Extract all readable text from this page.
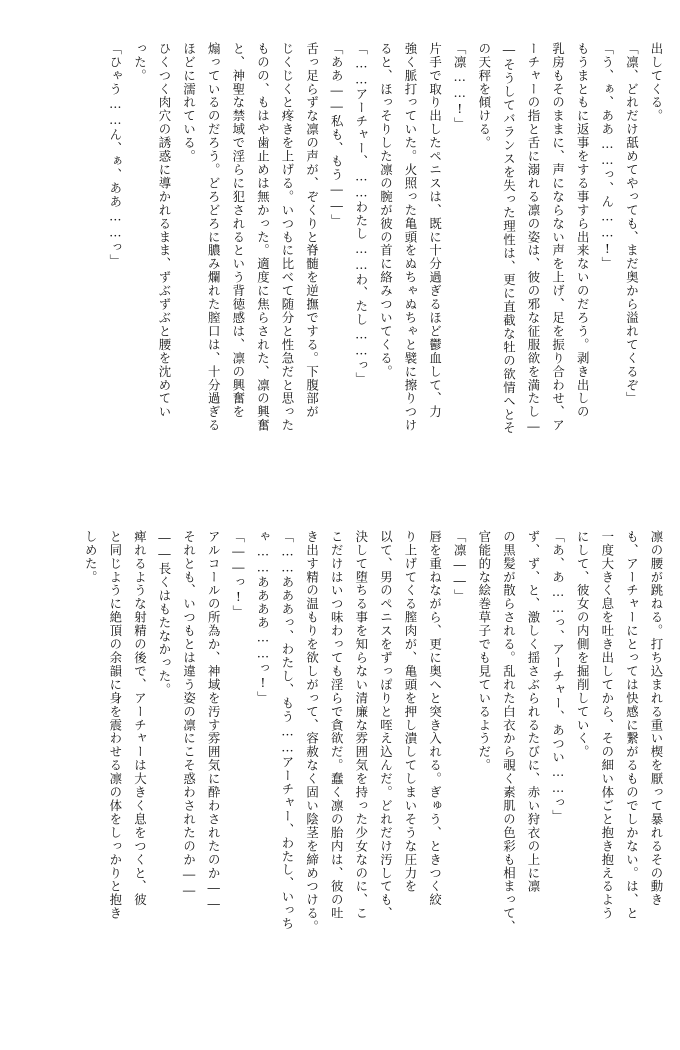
出してくる。
「凛、どれだけ舐めてやっても、まだ奥から溢れてくるぞ」
「う、ぁ、ああ……っ、ん……!」
もうまともに返事をする事すら出来ないのだろう。剥き出しの
乳房もそのままに、声にならない声を上げ、足を振り合わせ、ア
ーチャーの指と舌に溺れる凛の姿は、彼の邪な征服欲を満たし―
―そうしてバランスを失った理性は、更に直截な牡の欲情へとそ
の天秤を傾ける。
「凛……!」
片手で取り出したペニスは、既に十分過ぎるほど鬱血して、力
強く脈打っていた。火照った亀頭をぬちゃぬちゃと襞に擦りつけ
ると、ほっそりした凛の腕が彼の首に絡みついてくる。
「……アーチャー、……わたし……わ、たし……っ」
「ああ――私も、もう――」
舌っ足らずな凛の声が、ぞくりと脊髄を逆撫でする。下腹部が
じくじくと疼きを上げる。いつもに比べて随分と性急だと思った
ものの、もはや歯止めは無かった。適度に焦らされた、凛の興奮
と、神聖な禁域で淫らに犯されるという背徳感は、凛の興奮を
煽っているのだろう。どろどろに膿み爛れた膣口は、十分過ぎる
ほどに濡れている。
ひくつく肉穴の誘惑に導かれるまま、ずぶずぶと腰を沈めてい
った。
「ひゃう……ん、ぁ、ああ……っ」
凛の腰が跳ねる。打ち込まれる重い楔を厭って暴れるその動き
も、アーチャーにとっては快感に繋がるものでしかない。は、と
一度大きく息を吐き出してから、その細い体ごと抱き抱えるよう
にして、彼女の内側を掘削していく。
「あ、あ……っ、アーチャー、あつい……っ」
ず、ず、と、激しく揺さぶられるたびに、赤い狩衣の上に凛
の黒髪が散らされる。乱れた白衣から覗く素肌の色彩も相まって、
官能的な絵巻草子でも見ているようだ。
「凛――」
唇を重ねながら、更に奥へと突き入れる。ぎゅう、ときつく絞
り上げてくる膣肉が、亀頭を押し潰してしまいそうな圧力を
以て、男のペニスをずっぽりと咥え込んだ。どれだけ汚しても、
決して堕ちる事を知らない清廉な雰囲気を持った少女なのに、こ
こだけはいつ味わっても淫らで貪欲だ。蠢く凛の胎内は、彼の吐
き出す精の温もりを欲しがって、容赦なく固い陰茎を締めつける。
「……あああっ、わたし、もう……アーチャー、わたし、いっち
ゃ……ああああ……っ!」
「――っ!」
アルコールの所為か、神域を汚す雰囲気に酔わされたのか――
それとも、いつもとは違う姿の凛にこそ惑わされたのか――
――長くはもたなかった。
痺れるような射精の後で、アーチャーは大きく息をつくと、彼
と同じように絶頂の余韻に身を震わせる凛の体をしっかりと抱き
しめた。
